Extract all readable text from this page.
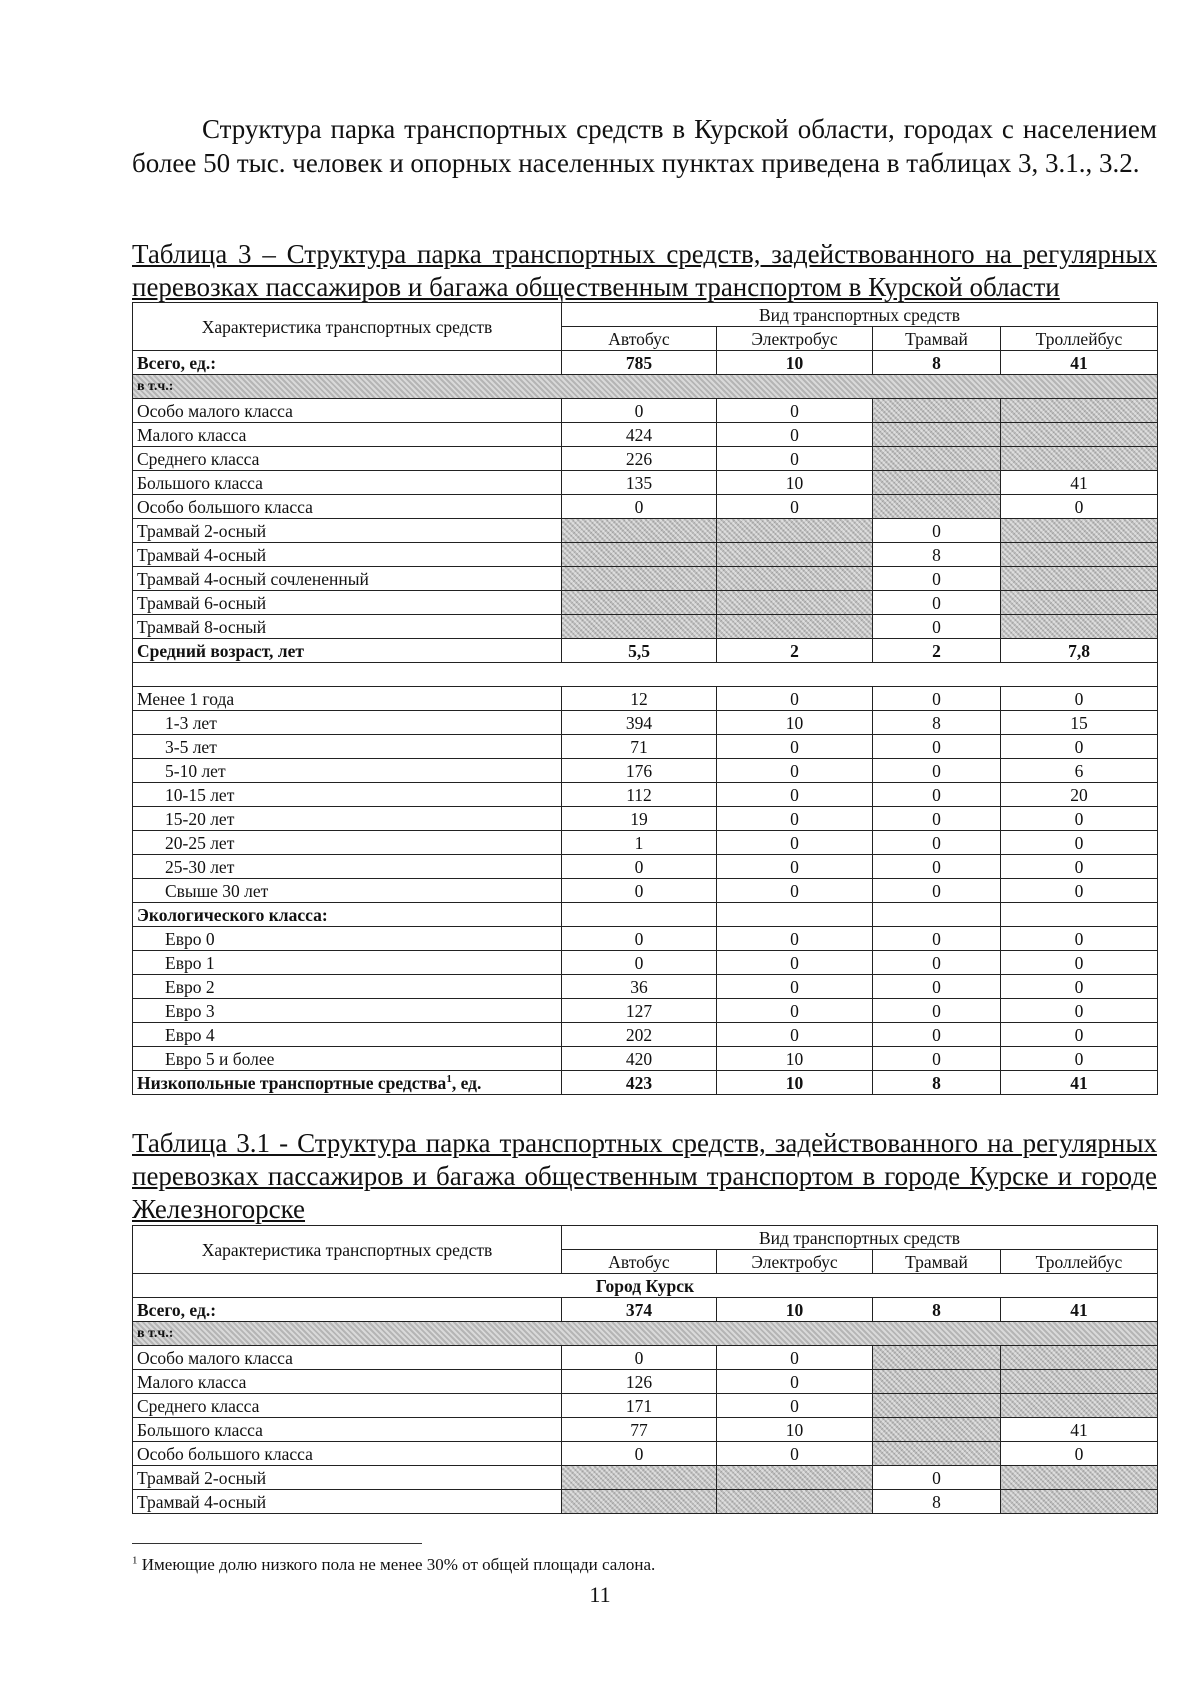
Структура парка транспортных средств в Курской области, городах с населением более 50 тыс. человек и опорных населенных пунктах приведена в таблицах 3, 3.1., 3.2.

Таблица 3 – Структура парка транспортных средств, задействованного на регулярных перевозках пассажиров и багажа общественным транспортом в Курской области

Характеристика транспортных средств	Вид транспортных средств			
	Автобус	Электробус	Трамвай	Троллейбус
Всего, ед.:	785	10	8	41
в т.ч.:				
Особо малого класса	0	0		
Малого класса	424	0		
Среднего класса	226	0		
Большого класса	135	10		41
Особо большого класса	0	0		0
Трамвай 2-осный			0	
Трамвай 4-осный			8	
Трамвай 4-осный сочлененный			0	
Трамвай 6-осный			0	
Трамвай 8-осный			0	
Средний возраст, лет	5,5	2	2	7,8

Менее 1 года	12	0	0	0
1-3 лет	394	10	8	15
3-5 лет	71	0	0	0
5-10 лет	176	0	0	6
10-15 лет	112	0	0	20
15-20 лет	19	0	0	0
20-25 лет	1	0	0	0
25-30 лет	0	0	0	0
Свыше 30 лет	0	0	0	0
Экологического класса:				
Евро 0	0	0	0	0
Евро 1	0	0	0	0
Евро 2	36	0	0	0
Евро 3	127	0	0	0
Евро 4	202	0	0	0
Евро 5 и более	420	10	0	0
Низкопольные транспортные средства$^1$, ед.	423	10	8	41

Таблица 3.1 - Структура парка транспортных средств, задействованного на регулярных перевозках пассажиров и багажа общественным транспортом в городе Курске и городе Железногорске

Характеристика транспортных средств	Вид транспортных средств			
	Автобус	Электробус	Трамвай	Троллейбус
Город Курск				
Всего, ед.:	374	10	8	41
в т.ч.:				
Особо малого класса	0	0		
Малого класса	126	0		
Среднего класса	171	0		
Большого класса	77	10		41
Особо большого класса	0	0		0
Трамвай 2-осный			0	
Трамвай 4-осный			8	

$^1$ Имеющие долю низкого пола не менее 30% от общей площади салона.

11
